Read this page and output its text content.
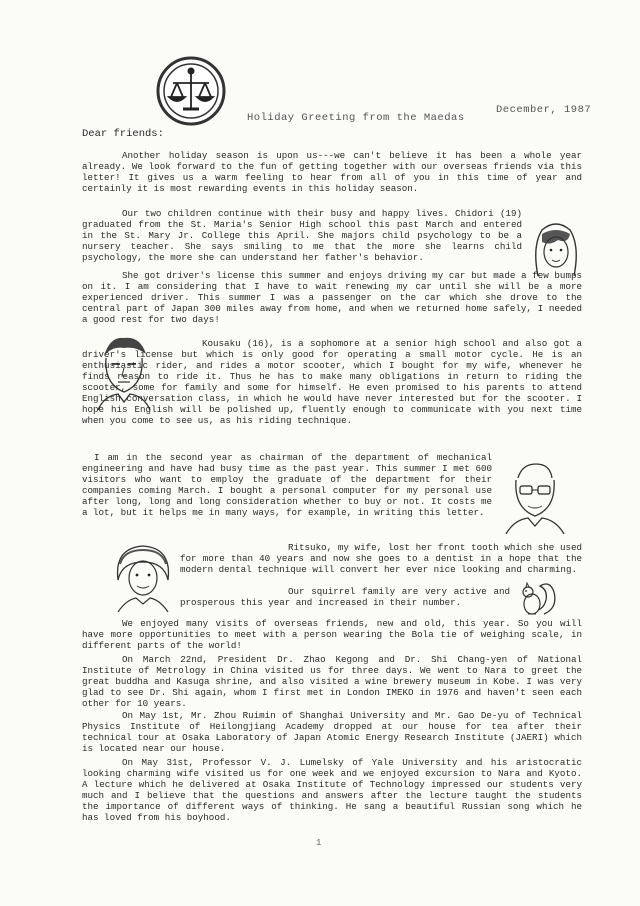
Holiday Greeting from the Maedas
December, 1987
Dear friends:

Another holiday season is upon us---we can't believe it has been a whole year already. We look forward to the fun of getting together with our overseas friends via this letter! It gives us a warm feeling to hear from all of you in this time of year and certainly it is most rewarding events in this holiday season.

Our two children continue with their busy and happy lives. Chidori (19) graduated from the St. Maria's Senior High school this past March and entered in the St. Mary Jr. College this April. She majors child psychology to be a nursery teacher. She says smiling to me that the more she learns child psychology, the more she can understand her father's behavior.

She got driver's license this summer and enjoys driving my car but made a few bumps on it. I am considering that I have to wait renewing my car until she will be a more experienced driver. This summer I was a passenger on the car which she drove to the central part of Japan 300 miles away from home, and when we returned home safely, I needed a good rest for two days!

Kousaku (16), is a sophomore at a senior high school and also got a driver's license but which is only good for operating a small motor cycle. He is an enthusiastic rider, and rides a motor scooter, which I bought for my wife, whenever he finds reason to ride it. Thus he has to make many obligations in return to riding the scooter, some for family and some for himself. He even promised to his parents to attend English conversation class, in which he would have never interested but for the scooter. I hope his English will be polished up, fluently enough to communicate with you next time when you come to see us, as his riding technique.

I am in the second year as chairman of the department of mechanical engineering and have had busy time as the past year. This summer I met 600 visitors who want to employ the graduate of the department for their companies coming March. I bought a personal computer for my personal use after long, long and long consideration whether to buy or not. It costs me a lot, but it helps me in many ways, for example, in writing this letter.

Ritsuko, my wife, lost her front tooth which she used for more than 40 years and now she goes to a dentist in a hope that the modern dental technique will convert her ever nice looking and charming.

Our squirrel family are very active and prosperous this year and increased in their number.

We enjoyed many visits of overseas friends, new and old, this year. So you will have more opportunities to meet with a person wearing the Bola tie of weighing scale, in different parts of the world!

On March 22nd, President Dr. Zhao Kegong and Dr. Shi Chang-yen of National Institute of Metrology in China visited us for three days. We went to Nara to greet the great buddha and Kasuga shrine, and also visited a wine brewery museum in Kobe. I was very glad to see Dr. Shi again, whom I first met in London IMEKO in 1976 and haven't seen each other for 10 years.

On May 1st, Mr. Zhou Ruimin of Shanghai University and Mr. Gao De-yu of Technical Physics Institute of Heilongjiang Academy dropped at our house for tea after their technical tour at Osaka Laboratory of Japan Atomic Energy Research Institute (JAERI) which is located near our house.

On May 31st, Professor V. J. Lumelsky of Yale University and his aristocratic looking charming wife visited us for one week and we enjoyed excursion to Nara and Kyoto. A lecture which he delivered at Osaka Institute of Technology impressed our students very much and I believe that the questions and answers after the lecture taught the students the importance of different ways of thinking. He sang a beautiful Russian song which he has loved from his boyhood.

1
